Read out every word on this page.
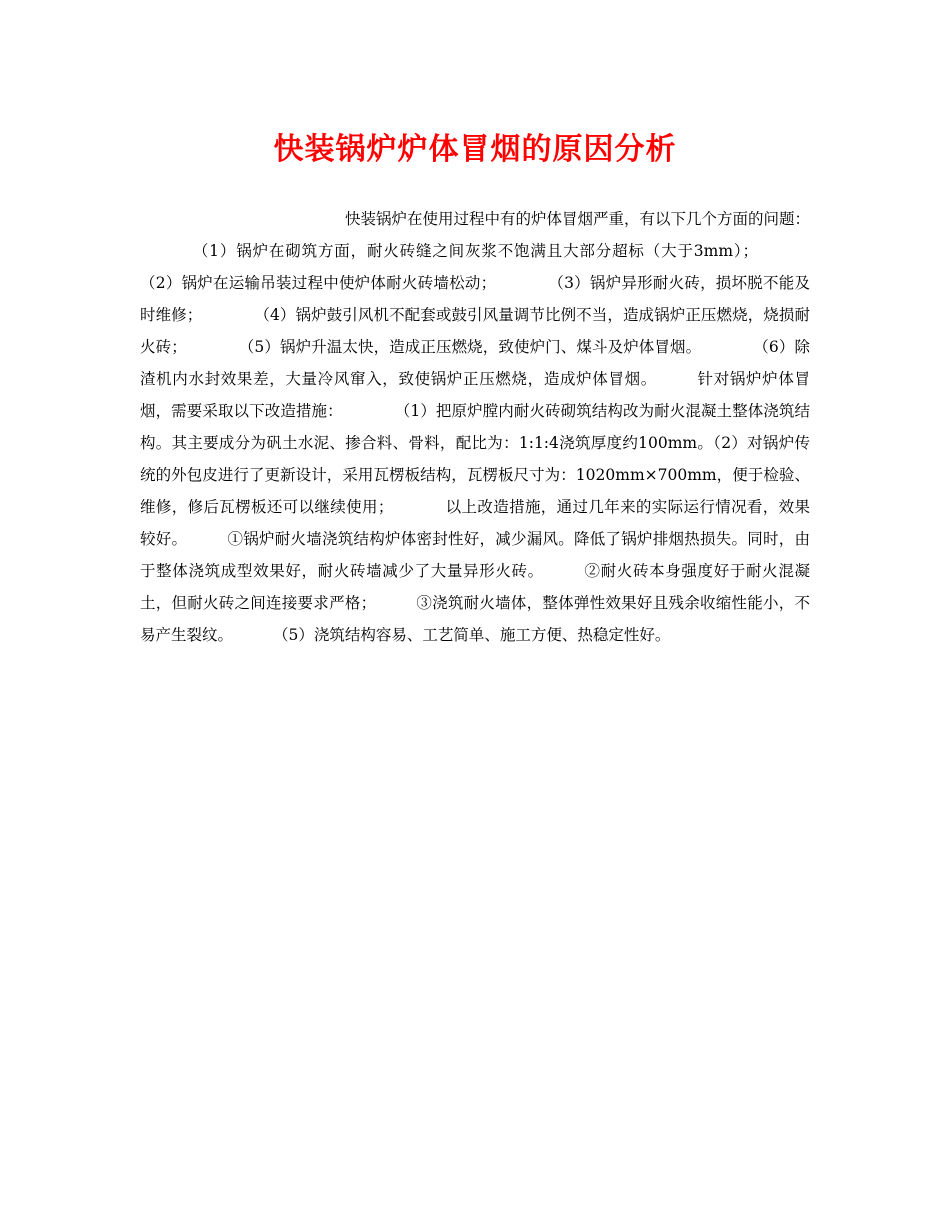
快装锅炉炉体冒烟的原因分析

快装锅炉在使用过程中有的炉体冒烟严重，有以下几个方面的问题：（1）锅炉在砌筑方面，耐火砖缝之间灰浆不饱满且大部分超标（大于3mm）；（2）锅炉在运输吊装过程中使炉体耐火砖墙松动；	（3）锅炉异形耐火砖，损坏脱不能及时维修；	（4）锅炉鼓引风机不配套或鼓引风量调节比例不当，造成锅炉正压燃烧，烧损耐火砖；	（5）锅炉升温太快，造成正压燃烧，致使炉门、煤斗及炉体冒烟。	（6）除渣机内水封效果差，大量冷风窜入，致使锅炉正压燃烧，造成炉体冒烟。	针对锅炉炉体冒烟，需要采取以下改造措施：	（1）把原炉膛内耐火砖砌筑结构改为耐火混凝土整体浇筑结构。其主要成分为矾土水泥、掺合料、骨料，配比为：1:1:4浇筑厚度约100mm。（2）对锅炉传统的外包皮进行了更新设计，采用瓦楞板结构，瓦楞板尺寸为：1020mm×700mm，便于检验、维修，修后瓦楞板还可以继续使用；	以上改造措施，通过几年来的实际运行情况看，效果较好。	①锅炉耐火墙浇筑结构炉体密封性好，减少漏风。降低了锅炉排烟热损失。同时，由于整体浇筑成型效果好，耐火砖墙减少了大量异形火砖。	②耐火砖本身强度好于耐火混凝土，但耐火砖之间连接要求严格；	③浇筑耐火墙体，整体弹性效果好且残余收缩性能小，不易产生裂纹。	（5）浇筑结构容易、工艺简单、施工方便、热稳定性好。
